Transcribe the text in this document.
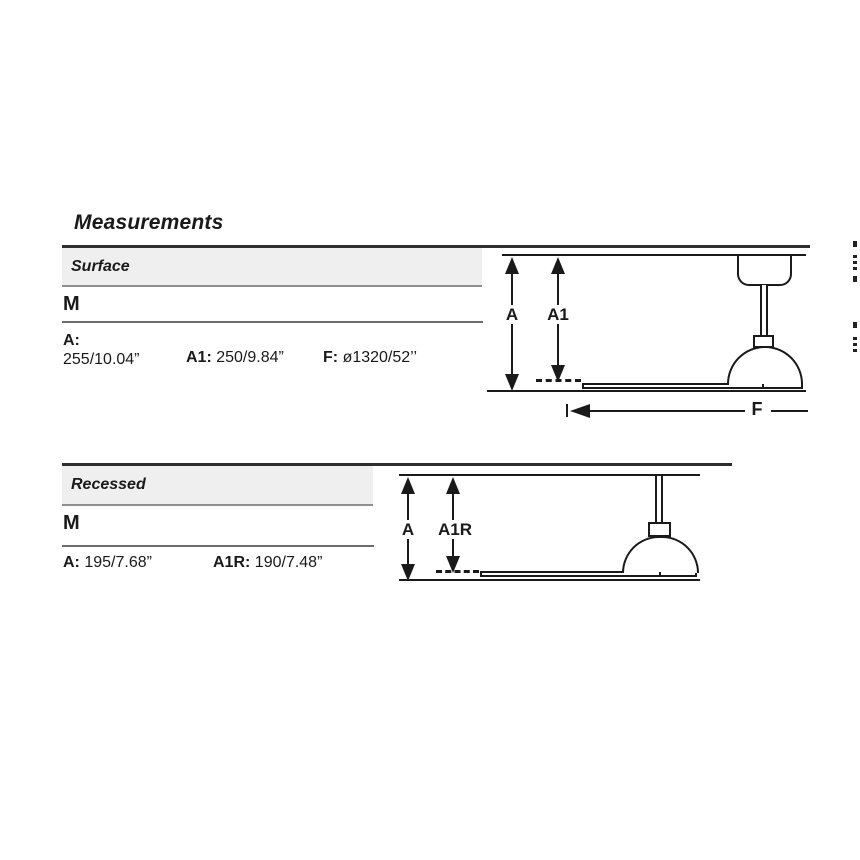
Measurements
Surface
M
A:
255/10.04”	A1: 250/9.84” F: ø1320/52’’
A A1
F
Recessed
M
A: 195/7.68”	A1R: 190/7.48”
A A1R
